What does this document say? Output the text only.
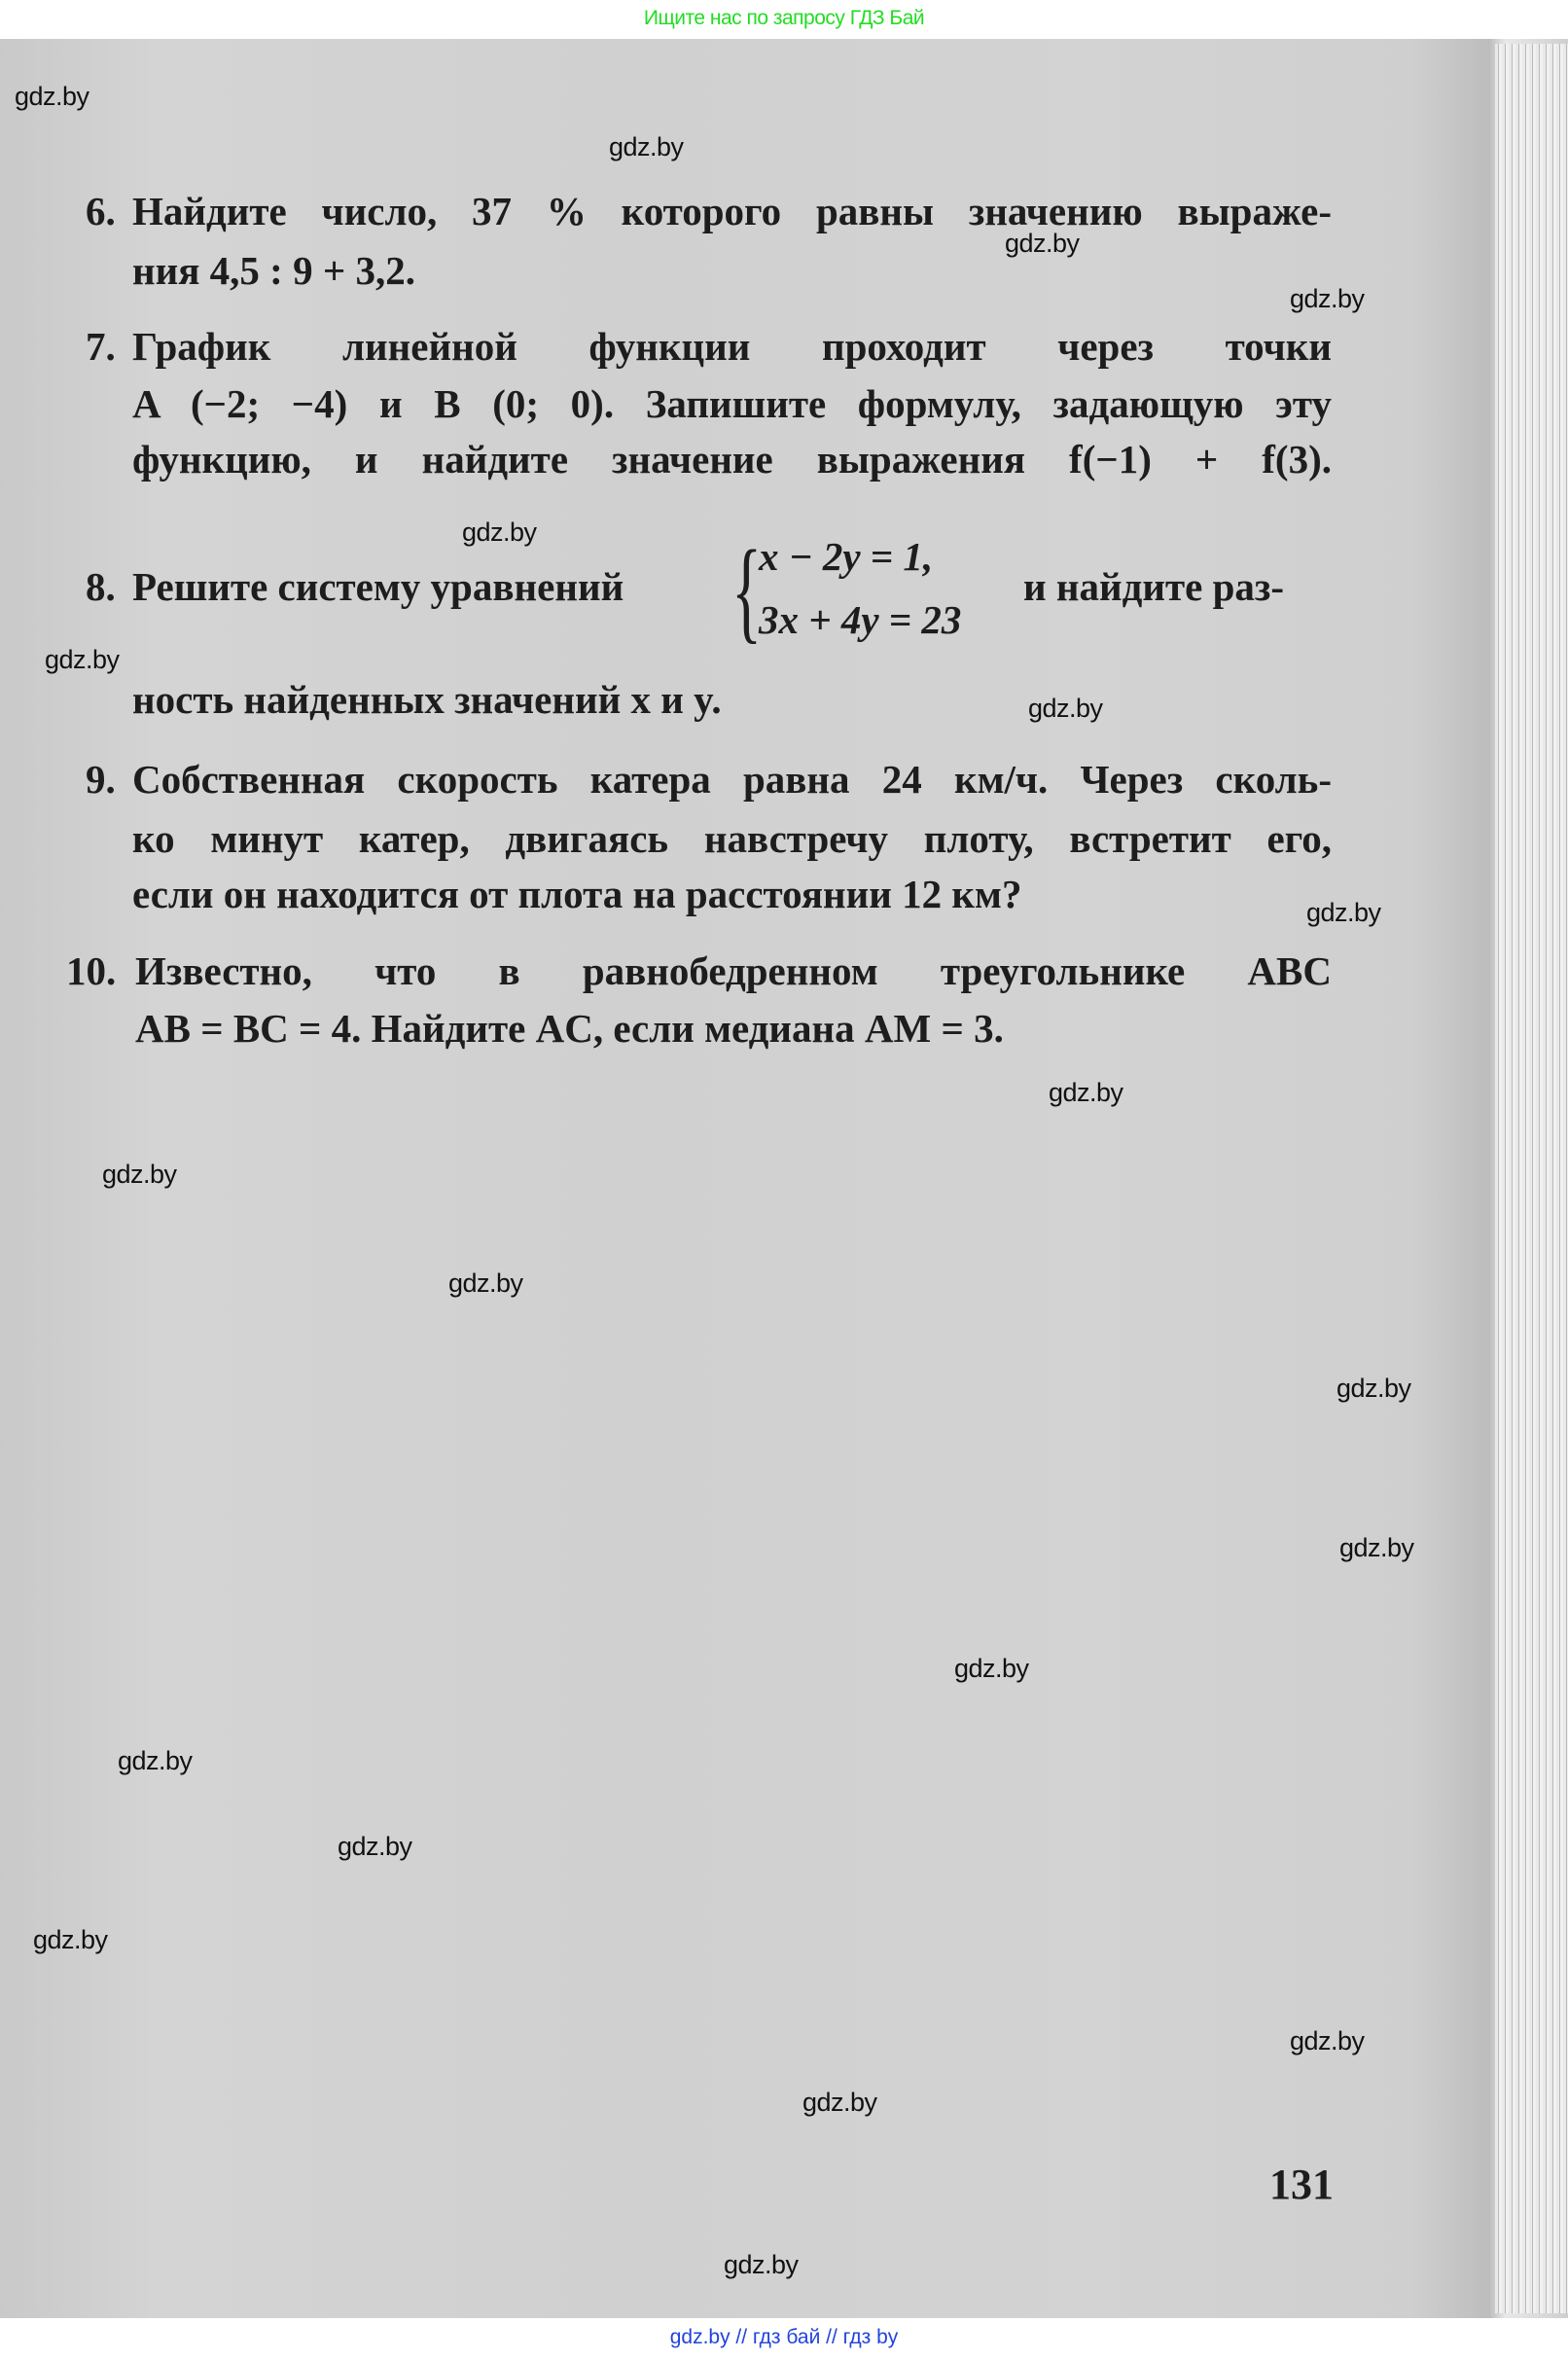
Ищите нас по запросу ГДЗ Бай
6. Найдите число, 37 % которого равны значению выраже-
ния 4,5 : 9 + 3,2.
7. График линейной функции проходит через точки
A (−2; −4) и B (0; 0). Запишите формулу, задающую эту
функцию, и найдите значение выражения f(−1) + f(3).
8. Решите систему уравнений {
x − 2y = 1,
3x + 4y = 23
и найдите раз-
ность найденных значений x и y.
9. Собственная скорость катера равна 24 км/ч. Через сколь-
ко минут катер, двигаясь навстречу плоту, встретит его,
если он находится от плота на расстоянии 12 км?
10. Известно, что в равнобедренном треугольнике ABC
AB = BC = 4. Найдите AC, если медиана AM = 3.
131
gdz.by
gdz.by
gdz.by
gdz.by
gdz.by
gdz.by
gdz.by
gdz.by
gdz.by
gdz.by
gdz.by
gdz.by
gdz.by
gdz.by
gdz.by
gdz.by
gdz.by
gdz.by
gdz.by
gdz.by
gdz.by // гдз бай // гдз by
